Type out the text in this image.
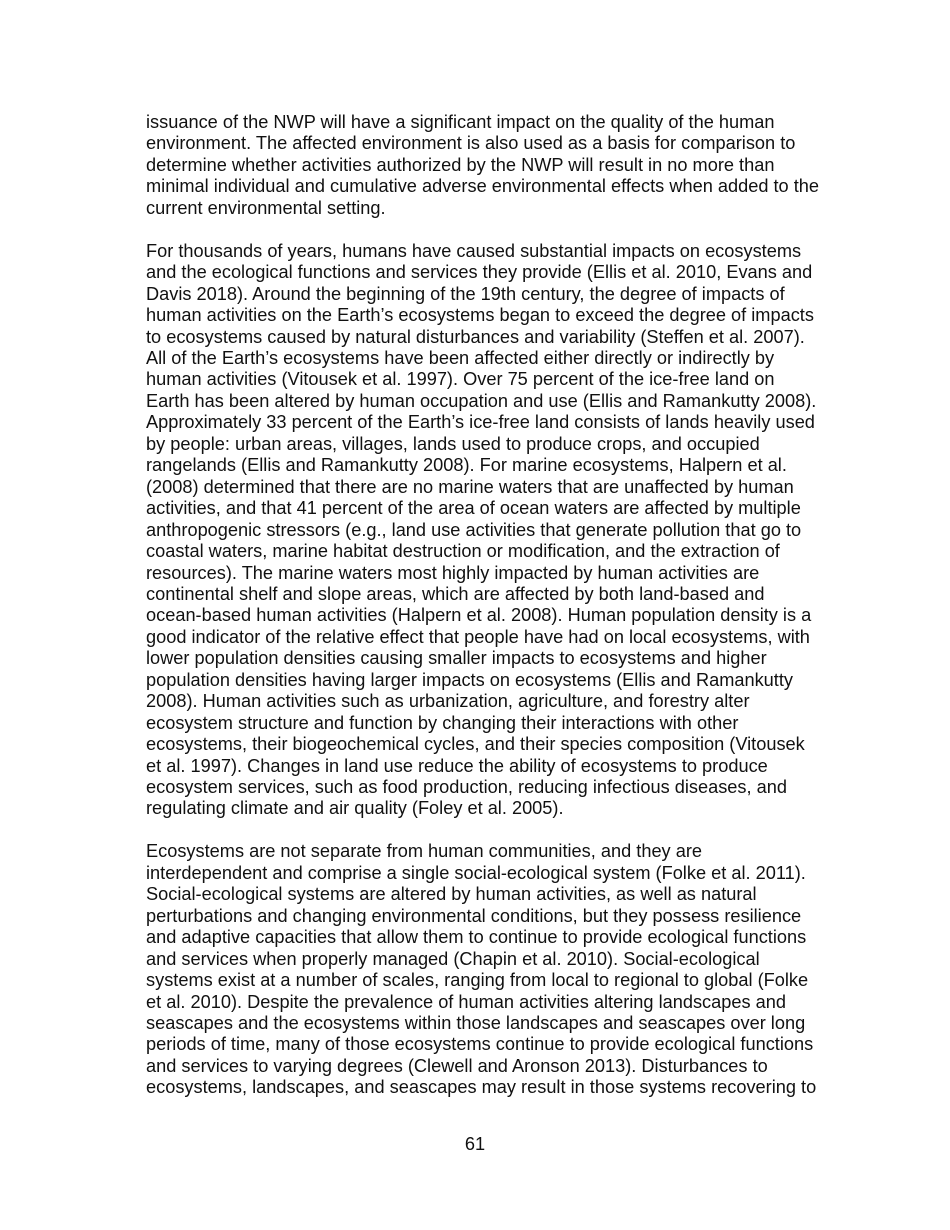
issuance of the NWP will have a significant impact on the quality of the human
environment. The affected environment is also used as a basis for comparison to
determine whether activities authorized by the NWP will result in no more than
minimal individual and cumulative adverse environmental effects when added to the
current environmental setting.

For thousands of years, humans have caused substantial impacts on ecosystems
and the ecological functions and services they provide (Ellis et al. 2010, Evans and
Davis 2018). Around the beginning of the 19th century, the degree of impacts of
human activities on the Earth’s ecosystems began to exceed the degree of impacts
to ecosystems caused by natural disturbances and variability (Steffen et al. 2007).
All of the Earth’s ecosystems have been affected either directly or indirectly by
human activities (Vitousek et al. 1997). Over 75 percent of the ice-free land on
Earth has been altered by human occupation and use (Ellis and Ramankutty 2008).
Approximately 33 percent of the Earth’s ice-free land consists of lands heavily used
by people: urban areas, villages, lands used to produce crops, and occupied
rangelands (Ellis and Ramankutty 2008). For marine ecosystems, Halpern et al.
(2008) determined that there are no marine waters that are unaffected by human
activities, and that 41 percent of the area of ocean waters are affected by multiple
anthropogenic stressors (e.g., land use activities that generate pollution that go to
coastal waters, marine habitat destruction or modification, and the extraction of
resources). The marine waters most highly impacted by human activities are
continental shelf and slope areas, which are affected by both land-based and
ocean-based human activities (Halpern et al. 2008). Human population density is a
good indicator of the relative effect that people have had on local ecosystems, with
lower population densities causing smaller impacts to ecosystems and higher
population densities having larger impacts on ecosystems (Ellis and Ramankutty
2008). Human activities such as urbanization, agriculture, and forestry alter
ecosystem structure and function by changing their interactions with other
ecosystems, their biogeochemical cycles, and their species composition (Vitousek
et al. 1997). Changes in land use reduce the ability of ecosystems to produce
ecosystem services, such as food production, reducing infectious diseases, and
regulating climate and air quality (Foley et al. 2005).

Ecosystems are not separate from human communities, and they are
interdependent and comprise a single social-ecological system (Folke et al. 2011).
Social-ecological systems are altered by human activities, as well as natural
perturbations and changing environmental conditions, but they possess resilience
and adaptive capacities that allow them to continue to provide ecological functions
and services when properly managed (Chapin et al. 2010). Social-ecological
systems exist at a number of scales, ranging from local to regional to global (Folke
et al. 2010). Despite the prevalence of human activities altering landscapes and
seascapes and the ecosystems within those landscapes and seascapes over long
periods of time, many of those ecosystems continue to provide ecological functions
and services to varying degrees (Clewell and Aronson 2013). Disturbances to
ecosystems, landscapes, and seascapes may result in those systems recovering to

61
